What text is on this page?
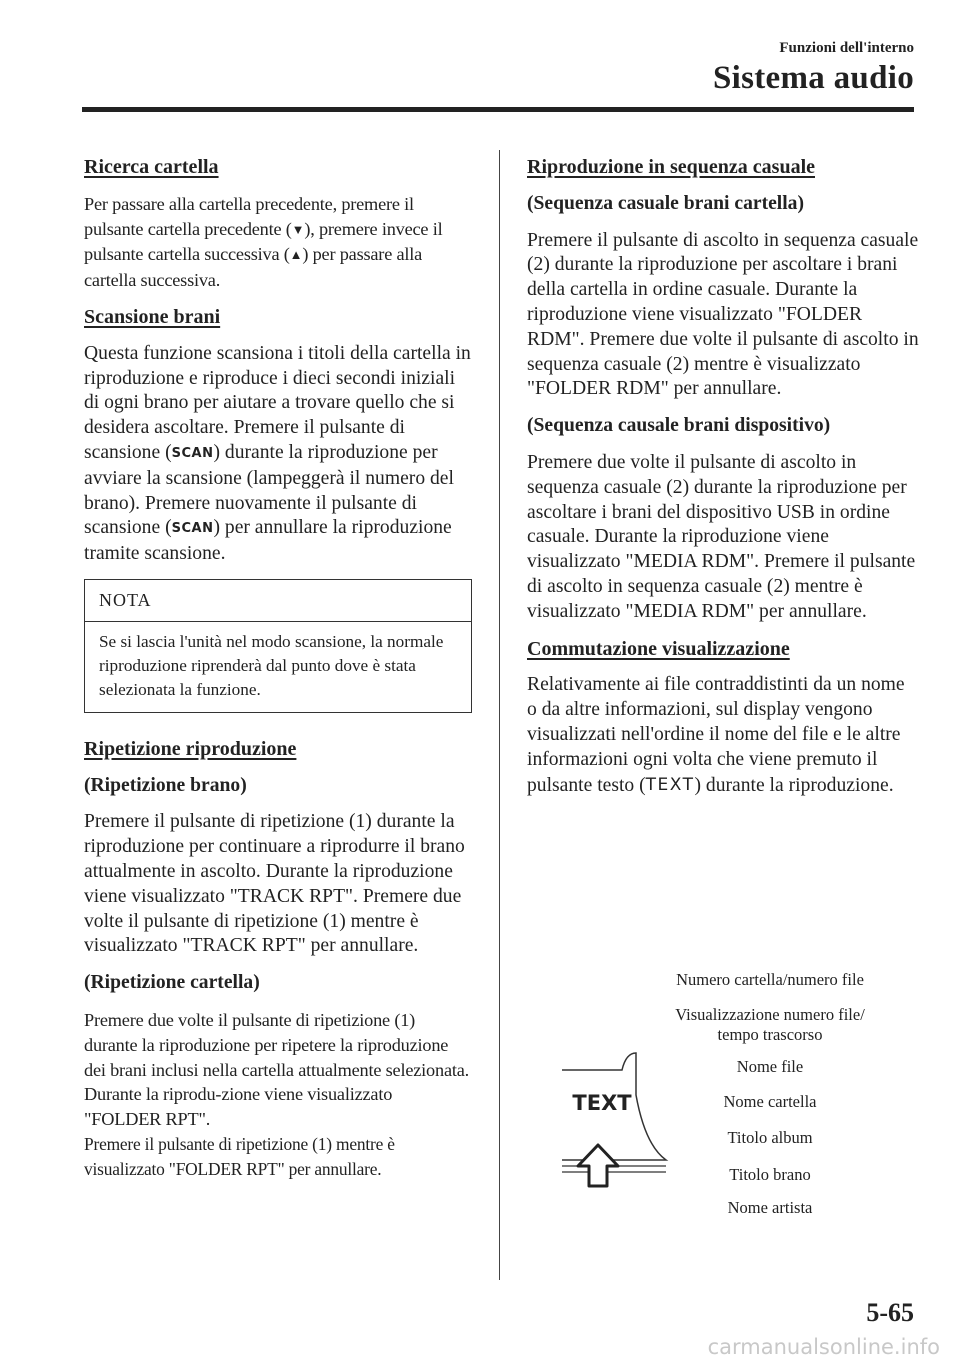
Funzioni dell'interno
Sistema audio
Ricerca cartella

Per passare alla cartella precedente, premere il pulsante cartella precedente (▼), premere invece il pulsante cartella successiva (▲) per passare alla cartella successiva.

Scansione brani

Questa funzione scansiona i titoli della cartella in riproduzione e riproduce i dieci secondi iniziali di ogni brano per aiutare a trovare quello che si desidera ascoltare. Premere il pulsante di scansione (SCAN) durante la riproduzione per avviare la scansione (lampeggerà il numero del brano). Premere nuovamente il pulsante di scansione (SCAN) per annullare la riproduzione tramite scansione.

NOTA
Se si lascia l'unità nel modo scansione, la normale riproduzione riprenderà dal punto dove è stata selezionata la funzione.
Ripetizione riproduzione
(Ripetizione brano)

Premere il pulsante di ripetizione (1) durante la riproduzione per continuare a riprodurre il brano attualmente in ascolto. Durante la riproduzione viene visualizzato "TRACK RPT". Premere due volte il pulsante di ripetizione (1) mentre è visualizzato "TRACK RPT" per annullare.

(Ripetizione cartella)

Premere due volte il pulsante di ripetizione (1) durante la riproduzione per ripetere la riproduzione dei brani inclusi nella cartella attualmente selezionata. Durante la riprodu-zione viene visualizzato "FOLDER RPT".

Premere il pulsante di ripetizione (1) mentre è visualizzato "FOLDER RPT" per annullare.

Riproduzione in sequenza casuale
(Sequenza casuale brani cartella)

Premere il pulsante di ascolto in sequenza casuale (2) durante la riproduzione per ascoltare i brani della cartella in ordine casuale. Durante la riproduzione viene visualizzato "FOLDER RDM". Premere due volte il pulsante di ascolto in sequenza casuale (2) mentre è visualizzato "FOLDER RDM" per annullare.

(Sequenza causale brani dispositivo)

Premere due volte il pulsante di ascolto in sequenza casuale (2) durante la riproduzione per ascoltare i brani del dispositivo USB in ordine casuale. Durante la riproduzione viene visualizzato "MEDIA RDM". Premere il pulsante di ascolto in sequenza casuale (2) mentre è visualizzato "MEDIA RDM" per annullare.

Commutazione visualizzazione

Relativamente ai file contraddistinti da un nome o da altre informazioni, sul display vengono visualizzati nell'ordine il nome del file e le altre informazioni ogni volta che viene premuto il pulsante testo (TEXT) durante la riproduzione.

TEXT
Numero cartella/numero file
Visualizzazione numero file/
tempo trascorso
Nome file
Nome cartella
Titolo album
Titolo brano
Nome artista
5-65
carmanualsonline.info
